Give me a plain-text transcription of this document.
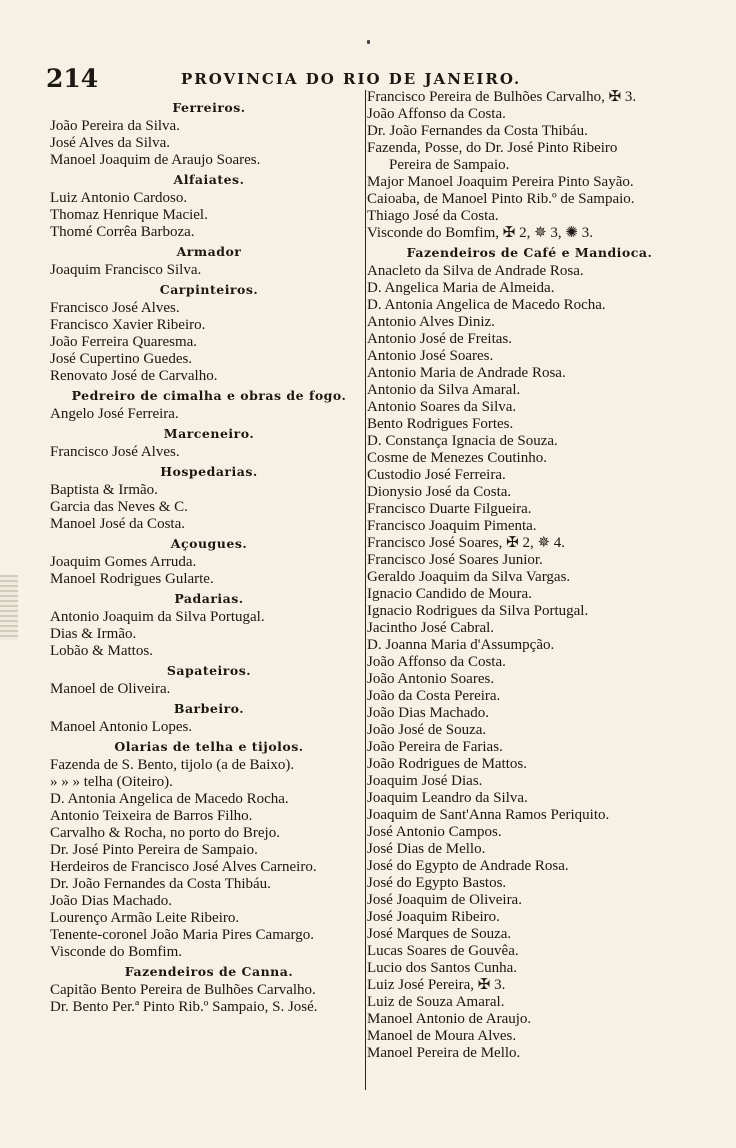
214	PROVINCIA DO RIO DE JANEIRO.
Ferreiros.
João Pereira da Silva.
José Alves da Silva.
Manoel Joaquim de Araujo Soares.
Alfaiates.
Luiz Antonio Cardoso.
Thomaz Henrique Maciel.
Thomé Corrêa Barboza.
Armador
Joaquim Francisco Silva.
Carpinteiros.
Francisco José Alves.
Francisco Xavier Ribeiro.
João Ferreira Quaresma.
José Cupertino Guedes.
Renovato José de Carvalho.
Pedreiro de cimalha e obras de fogo.
Angelo José Ferreira.
Marceneiro.
Francisco José Alves.
Hospedarias.
Baptista & Irmão.
Garcia das Neves & C.
Manoel José da Costa.
Açougues.
Joaquim Gomes Arruda.
Manoel Rodrigues Gularte.
Padarias.
Antonio Joaquim da Silva Portugal.
Dias & Irmão.
Lobão & Mattos.
Sapateiros.
Manoel de Oliveira.
Barbeiro.
Manoel Antonio Lopes.
Olarias de telha e tijolos.
Fazenda de S. Bento, tijolo (a de Baixo).
» » » telha (Oiteiro).
D. Antonia Angelica de Macedo Rocha.
Antonio Teixeira de Barros Filho.
Carvalho & Rocha, no porto do Brejo.
Dr. José Pinto Pereira de Sampaio.
Herdeiros de Francisco José Alves Carneiro.
Dr. João Fernandes da Costa Thibáu.
João Dias Machado.
Lourenço Armão Leite Ribeiro.
Tenente-coronel João Maria Pires Camargo.
Visconde do Bomfim.
Fazendeiros de Canna.
Capitão Bento Pereira de Bulhões Carvalho.
Dr. Bento Per.ª Pinto Rib.º Sampaio, S. José.
Francisco Pereira de Bulhões Carvalho, ✠ 3.
João Affonso da Costa.
Dr. João Fernandes da Costa Thibáu.
Fazenda, Posse, do Dr. José Pinto Ribeiro
Pereira de Sampaio.
Major Manoel Joaquim Pereira Pinto Sayão.
Caioaba, de Manoel Pinto Rib.º de Sampaio.
Thiago José da Costa.
Visconde do Bomfim, ✠ 2, ✵ 3, ✺ 3.
Fazendeiros de Café e Mandioca.
Anacleto da Silva de Andrade Rosa.
D. Angelica Maria de Almeida.
D. Antonia Angelica de Macedo Rocha.
Antonio Alves Diniz.
Antonio José de Freitas.
Antonio José Soares.
Antonio Maria de Andrade Rosa.
Antonio da Silva Amaral.
Antonio Soares da Silva.
Bento Rodrigues Fortes.
D. Constança Ignacia de Souza.
Cosme de Menezes Coutinho.
Custodio José Ferreira.
Dionysio José da Costa.
Francisco Duarte Filgueira.
Francisco Joaquim Pimenta.
Francisco José Soares, ✠ 2, ✵ 4.
Francisco José Soares Junior.
Geraldo Joaquim da Silva Vargas.
Ignacio Candido de Moura.
Ignacio Rodrigues da Silva Portugal.
Jacintho José Cabral.
D. Joanna Maria d'Assumpção.
João Affonso da Costa.
João Antonio Soares.
João da Costa Pereira.
João Dias Machado.
João José de Souza.
João Pereira de Farias.
João Rodrigues de Mattos.
Joaquim José Dias.
Joaquim Leandro da Silva.
Joaquim de Sant'Anna Ramos Periquito.
José Antonio Campos.
José Dias de Mello.
José do Egypto de Andrade Rosa.
José do Egypto Bastos.
José Joaquim de Oliveira.
José Joaquim Ribeiro.
José Marques de Souza.
Lucas Soares de Gouvêa.
Lucio dos Santos Cunha.
Luiz José Pereira, ✠ 3.
Luiz de Souza Amaral.
Manoel Antonio de Araujo.
Manoel de Moura Alves.
Manoel Pereira de Mello.
